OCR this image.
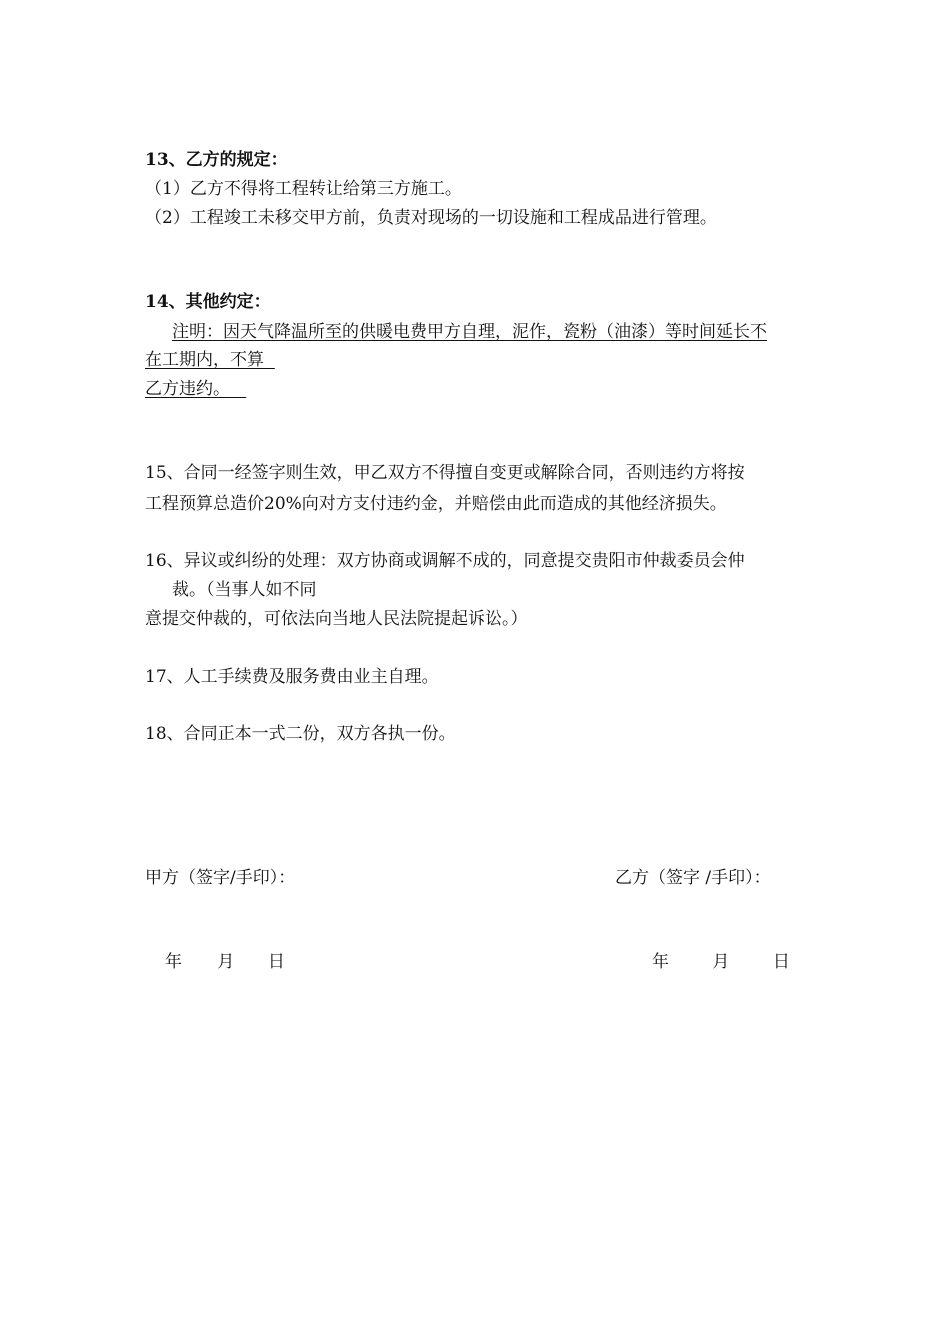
13、乙方的规定：
（1）乙方不得将工程转让给第三方施工。
（2）工程竣工未移交甲方前，负责对现场的一切设施和工程成品进行管理。
14、其他约定：
注明：因天气降温所至的供暖电费甲方自理，泥作，瓷粉（油漆）等时间延长不
在工期内，不算
乙方违约。
15、合同一经签字则生效，甲乙双方不得擅自变更或解除合同，否则违约方将按
工程预算总造价20%向对方支付违约金，并赔偿由此而造成的其他经济损失。
16、异议或纠纷的处理：双方协商或调解不成的，同意提交贵阳市仲裁委员会仲
裁。（当事人如不同
意提交仲裁的，可依法向当地人民法院提起诉讼。）
17、人工手续费及服务费由业主自理。
18、合同正本一式二份，双方各执一份。
甲方（签字/手印）：	乙方（签字 /手印）：
年 月 日	年	月	日
